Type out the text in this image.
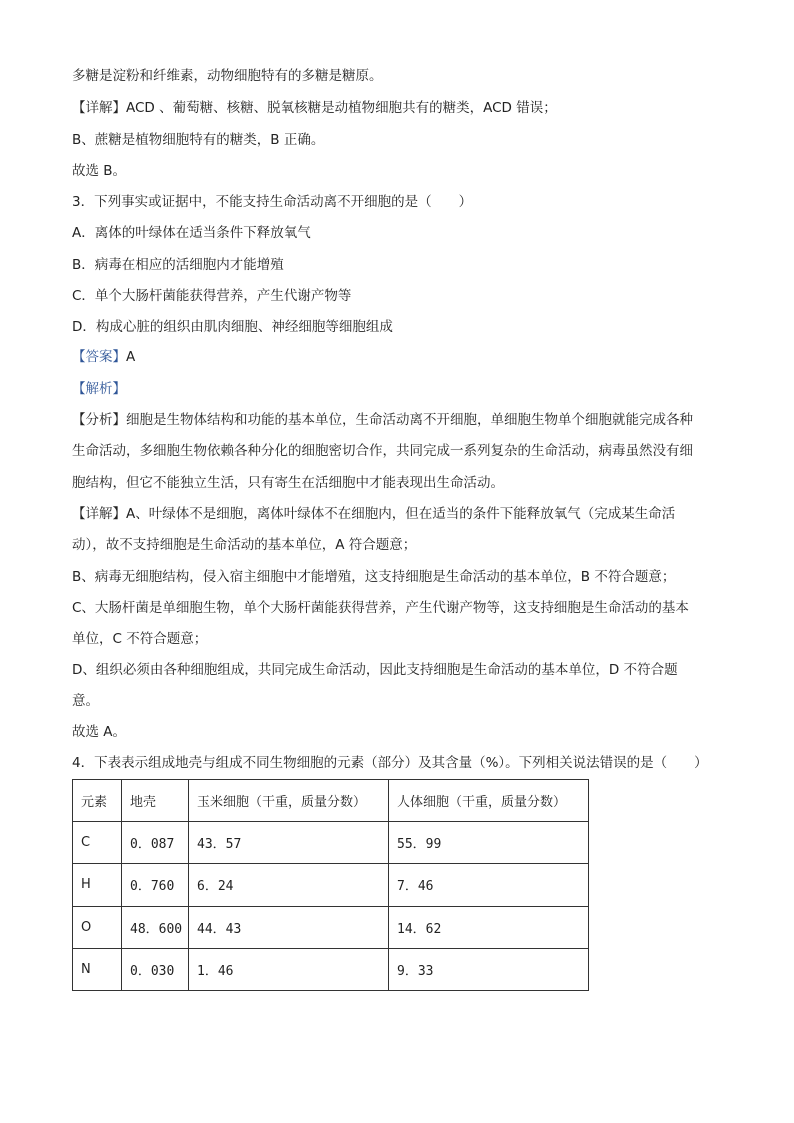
多糖是淀粉和纤维素，动物细胞特有的多糖是糖原。
【详解】ACD 、葡萄糖、核糖、脱氧核糖是动植物细胞共有的糖类，ACD 错误；
B、蔗糖是植物细胞特有的糖类，B 正确。
故选 B。
3．下列事实或证据中，不能支持生命活动离不开细胞的是（　　）
A．离体的叶绿体在适当条件下释放氧气
B．病毒在相应的活细胞内才能增殖
C．单个大肠杆菌能获得营养，产生代谢产物等
D．构成心脏的组织由肌肉细胞、神经细胞等细胞组成
【答案】A
【解析】
【分析】细胞是生物体结构和功能的基本单位，生命活动离不开细胞，单细胞生物单个细胞就能完成各种
生命活动，多细胞生物依赖各种分化的细胞密切合作，共同完成一系列复杂的生命活动，病毒虽然没有细
胞结构，但它不能独立生活，只有寄生在活细胞中才能表现出生命活动。
【详解】A、叶绿体不是细胞，离体叶绿体不在细胞内，但在适当的条件下能释放氧气（完成某生命活
动），故不支持细胞是生命活动的基本单位，A 符合题意；
B、病毒无细胞结构，侵入宿主细胞中才能增殖，这支持细胞是生命活动的基本单位，B 不符合题意；
C、大肠杆菌是单细胞生物，单个大肠杆菌能获得营养，产生代谢产物等，这支持细胞是生命活动的基本
单位，C 不符合题意；
D、组织必须由各种细胞组成，共同完成生命活动，因此支持细胞是生命活动的基本单位，D 不符合题
意。
故选 A。
4．下表表示组成地壳与组成不同生物细胞的元素（部分）及其含量（%）。下列相关说法错误的是（　　）
元素	地壳	玉米细胞（干重，质量分数）	人体细胞（干重，质量分数）
C	0．087	43．57	55．99
H	0．760	6．24	7．46
O	48．600	44．43	14．62
N	0．030	1．46	9．33
